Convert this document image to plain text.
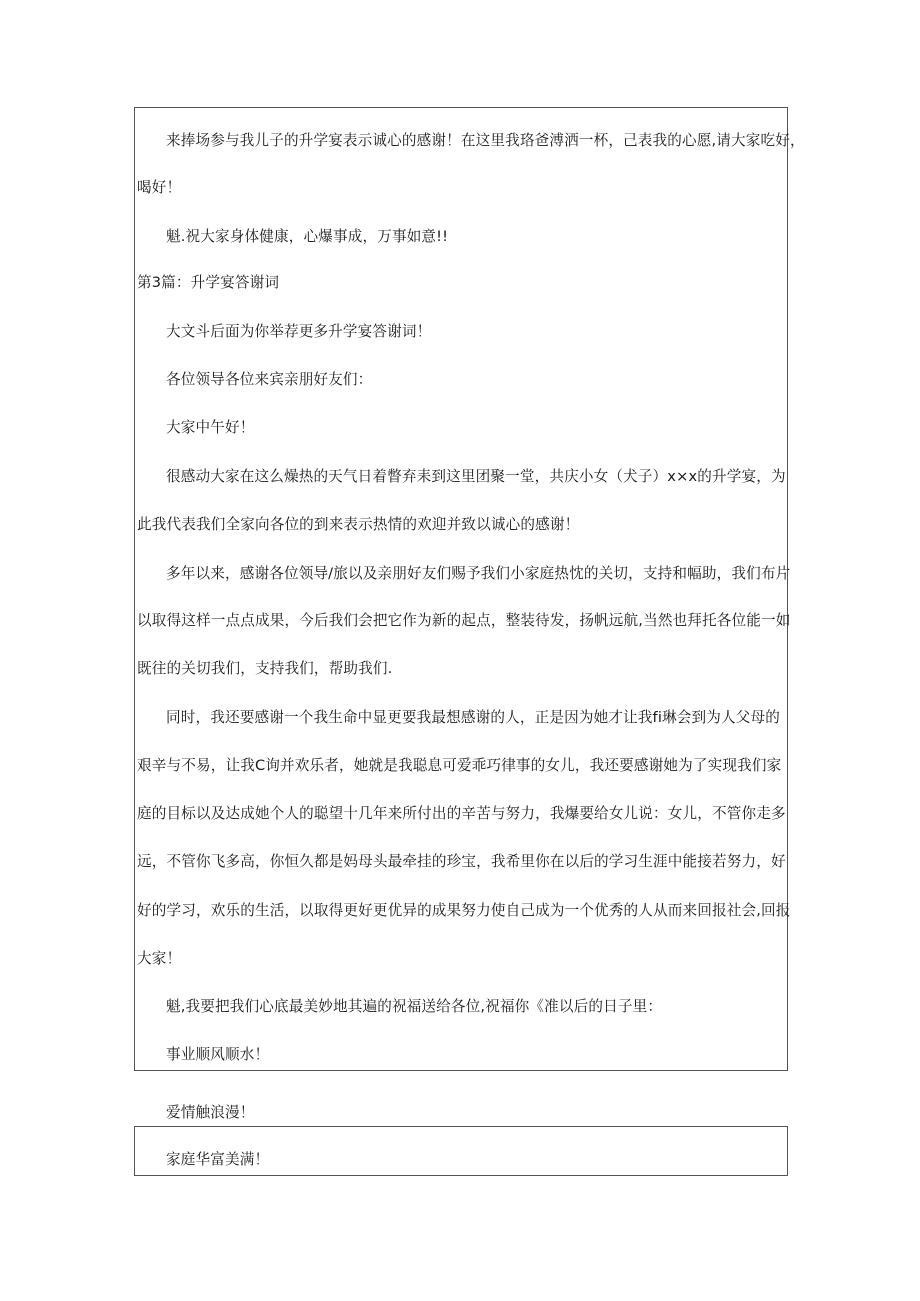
来捧场参与我儿子的升学宴表示诚心的感谢！在这里我珞爸溥洒一杯，己表我的心愿,请大家吃好，
喝好！
魁.祝大家身体健康，心爆事成，万事如意!!
第3篇：升学宴答谢词
大文斗后面为你举荐更多升学宴答谢词！
各位领导各位来宾亲朋好友们：
大家中午好！
很感动大家在这么燥热的天气日着瞥弃耒到这里团聚一堂，共庆小女（犬子）x×x的升学宴，为
此我代表我们全家向各位的到来表示热情的欢迎并致以诚心的感谢！
多年以来，感谢各位领导/旅以及亲朋好友们赐予我们小家庭热忱的关切，支持和幅助，我们布片
以取得这样一点点成果，今后我们会把它作为新的起点，整装待发，扬帆远航,当然也拜托各位能一如
既往的关切我们，支持我们，帮助我们.
同时，我还要感谢一个我生命中显更要我最想感谢的人，正是因为她才让我fi琳会到为人父母的
艰辛与不易，让我C询并欢乐者，她就是我聪息可爱乖巧律事的女儿，我还要感谢她为了实现我们家
庭的目标以及达成她个人的聪望十几年来所付出的辛苦与努力，我爆要给女儿说：女儿，不管你走多
远，不管你飞多高，你恒久都是妈母头最牵挂的珍宝，我希里你在以后的学习生涯中能接若努力，好
好的学习，欢乐的生活，以取得更好更优异的成果努力使自己成为一个优秀的人从而来回报社会,回报
大家！
魁,我要把我们心底最美妙地其遍的祝福送给各位,祝福你《准以后的日子里：
事业顺风顺水！
爱情触浪漫！
家庭华富美满！
